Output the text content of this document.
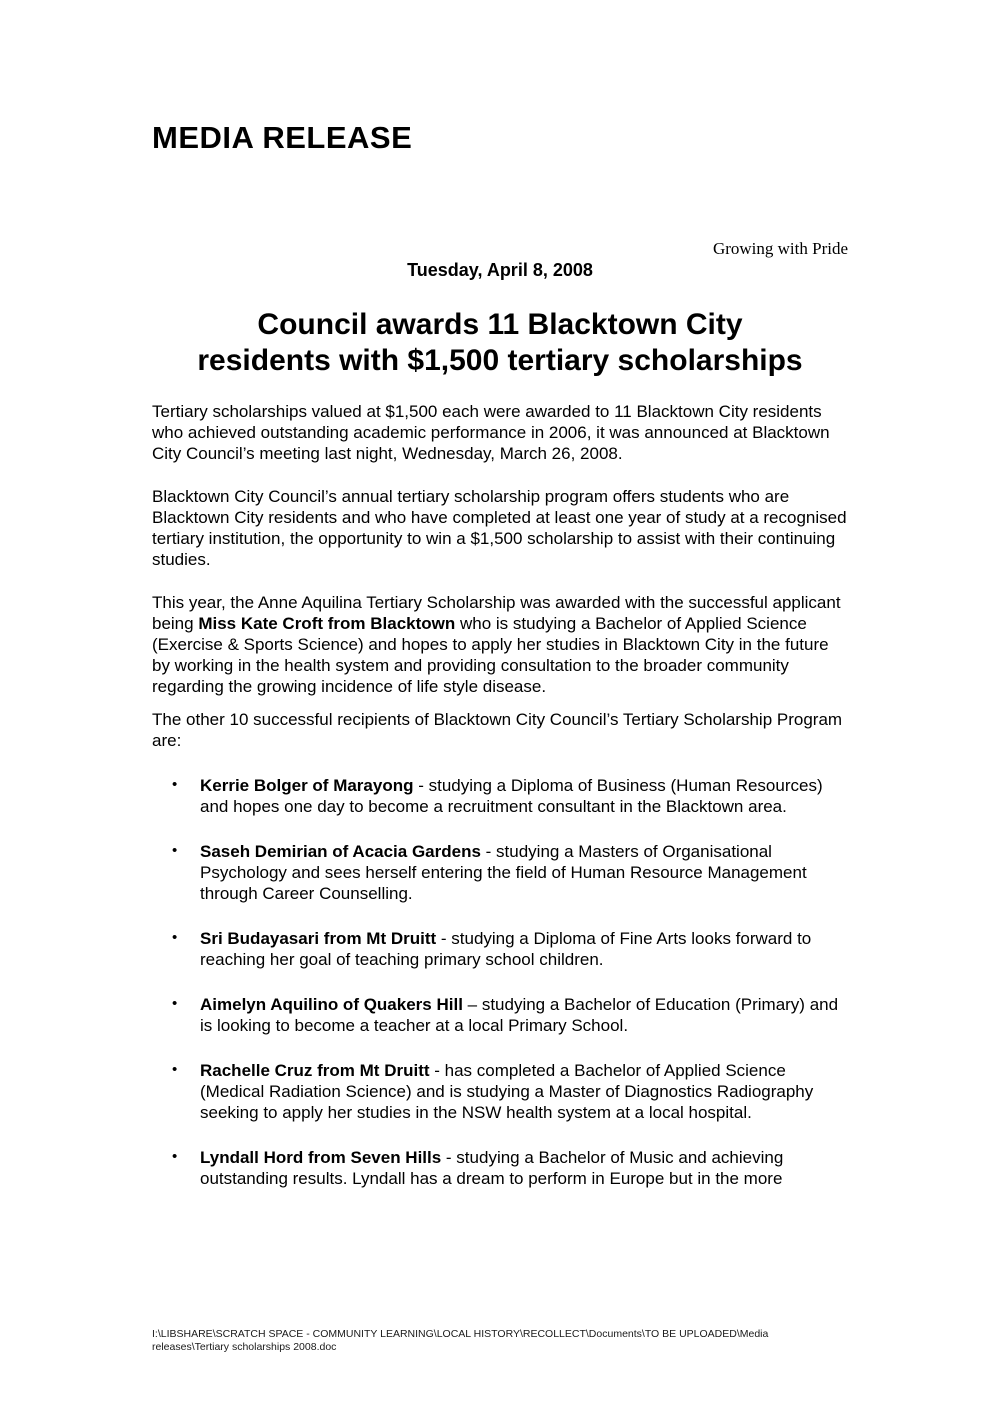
MEDIA RELEASE
Growing with Pride
Tuesday, April 8, 2008
Council awards 11 Blacktown City
residents with $1,500 tertiary scholarships

Tertiary scholarships valued at $1,500 each were awarded to 11 Blacktown City residents who achieved outstanding academic performance in 2006, it was announced at Blacktown City Council’s meeting last night, Wednesday, March 26, 2008.

Blacktown City Council’s annual tertiary scholarship program offers students who are Blacktown City residents and who have completed at least one year of study at a recognised tertiary institution, the opportunity to win a $1,500 scholarship to assist with their continuing studies.

This year, the Anne Aquilina Tertiary Scholarship was awarded with the successful applicant being Miss Kate Croft from Blacktown who is studying a Bachelor of Applied Science (Exercise & Sports Science) and hopes to apply her studies in Blacktown City in the future by working in the health system and providing consultation to the broader community regarding the growing incidence of life style disease.

The other 10 successful recipients of Blacktown City Council’s Tertiary Scholarship Program are:

• Kerrie Bolger of Marayong - studying a Diploma of Business (Human Resources) and hopes one day to become a recruitment consultant in the Blacktown area.
• Saseh Demirian of Acacia Gardens - studying a Masters of Organisational Psychology and sees herself entering the field of Human Resource Management through Career Counselling.
• Sri Budayasari from Mt Druitt - studying a Diploma of Fine Arts looks forward to reaching her goal of teaching primary school children.
• Aimelyn Aquilino of Quakers Hill – studying a Bachelor of Education (Primary) and is looking to become a teacher at a local Primary School.
• Rachelle Cruz from Mt Druitt - has completed a Bachelor of Applied Science (Medical Radiation Science) and is studying a Master of Diagnostics Radiography seeking to apply her studies in the NSW health system at a local hospital.
• Lyndall Hord from Seven Hills - studying a Bachelor of Music and achieving outstanding results. Lyndall has a dream to perform in Europe but in the more
I:\LIBSHARE\SCRATCH SPACE - COMMUNITY LEARNING\LOCAL HISTORY\RECOLLECT\Documents\TO BE UPLOADED\Media releases\Tertiary scholarships 2008.doc
